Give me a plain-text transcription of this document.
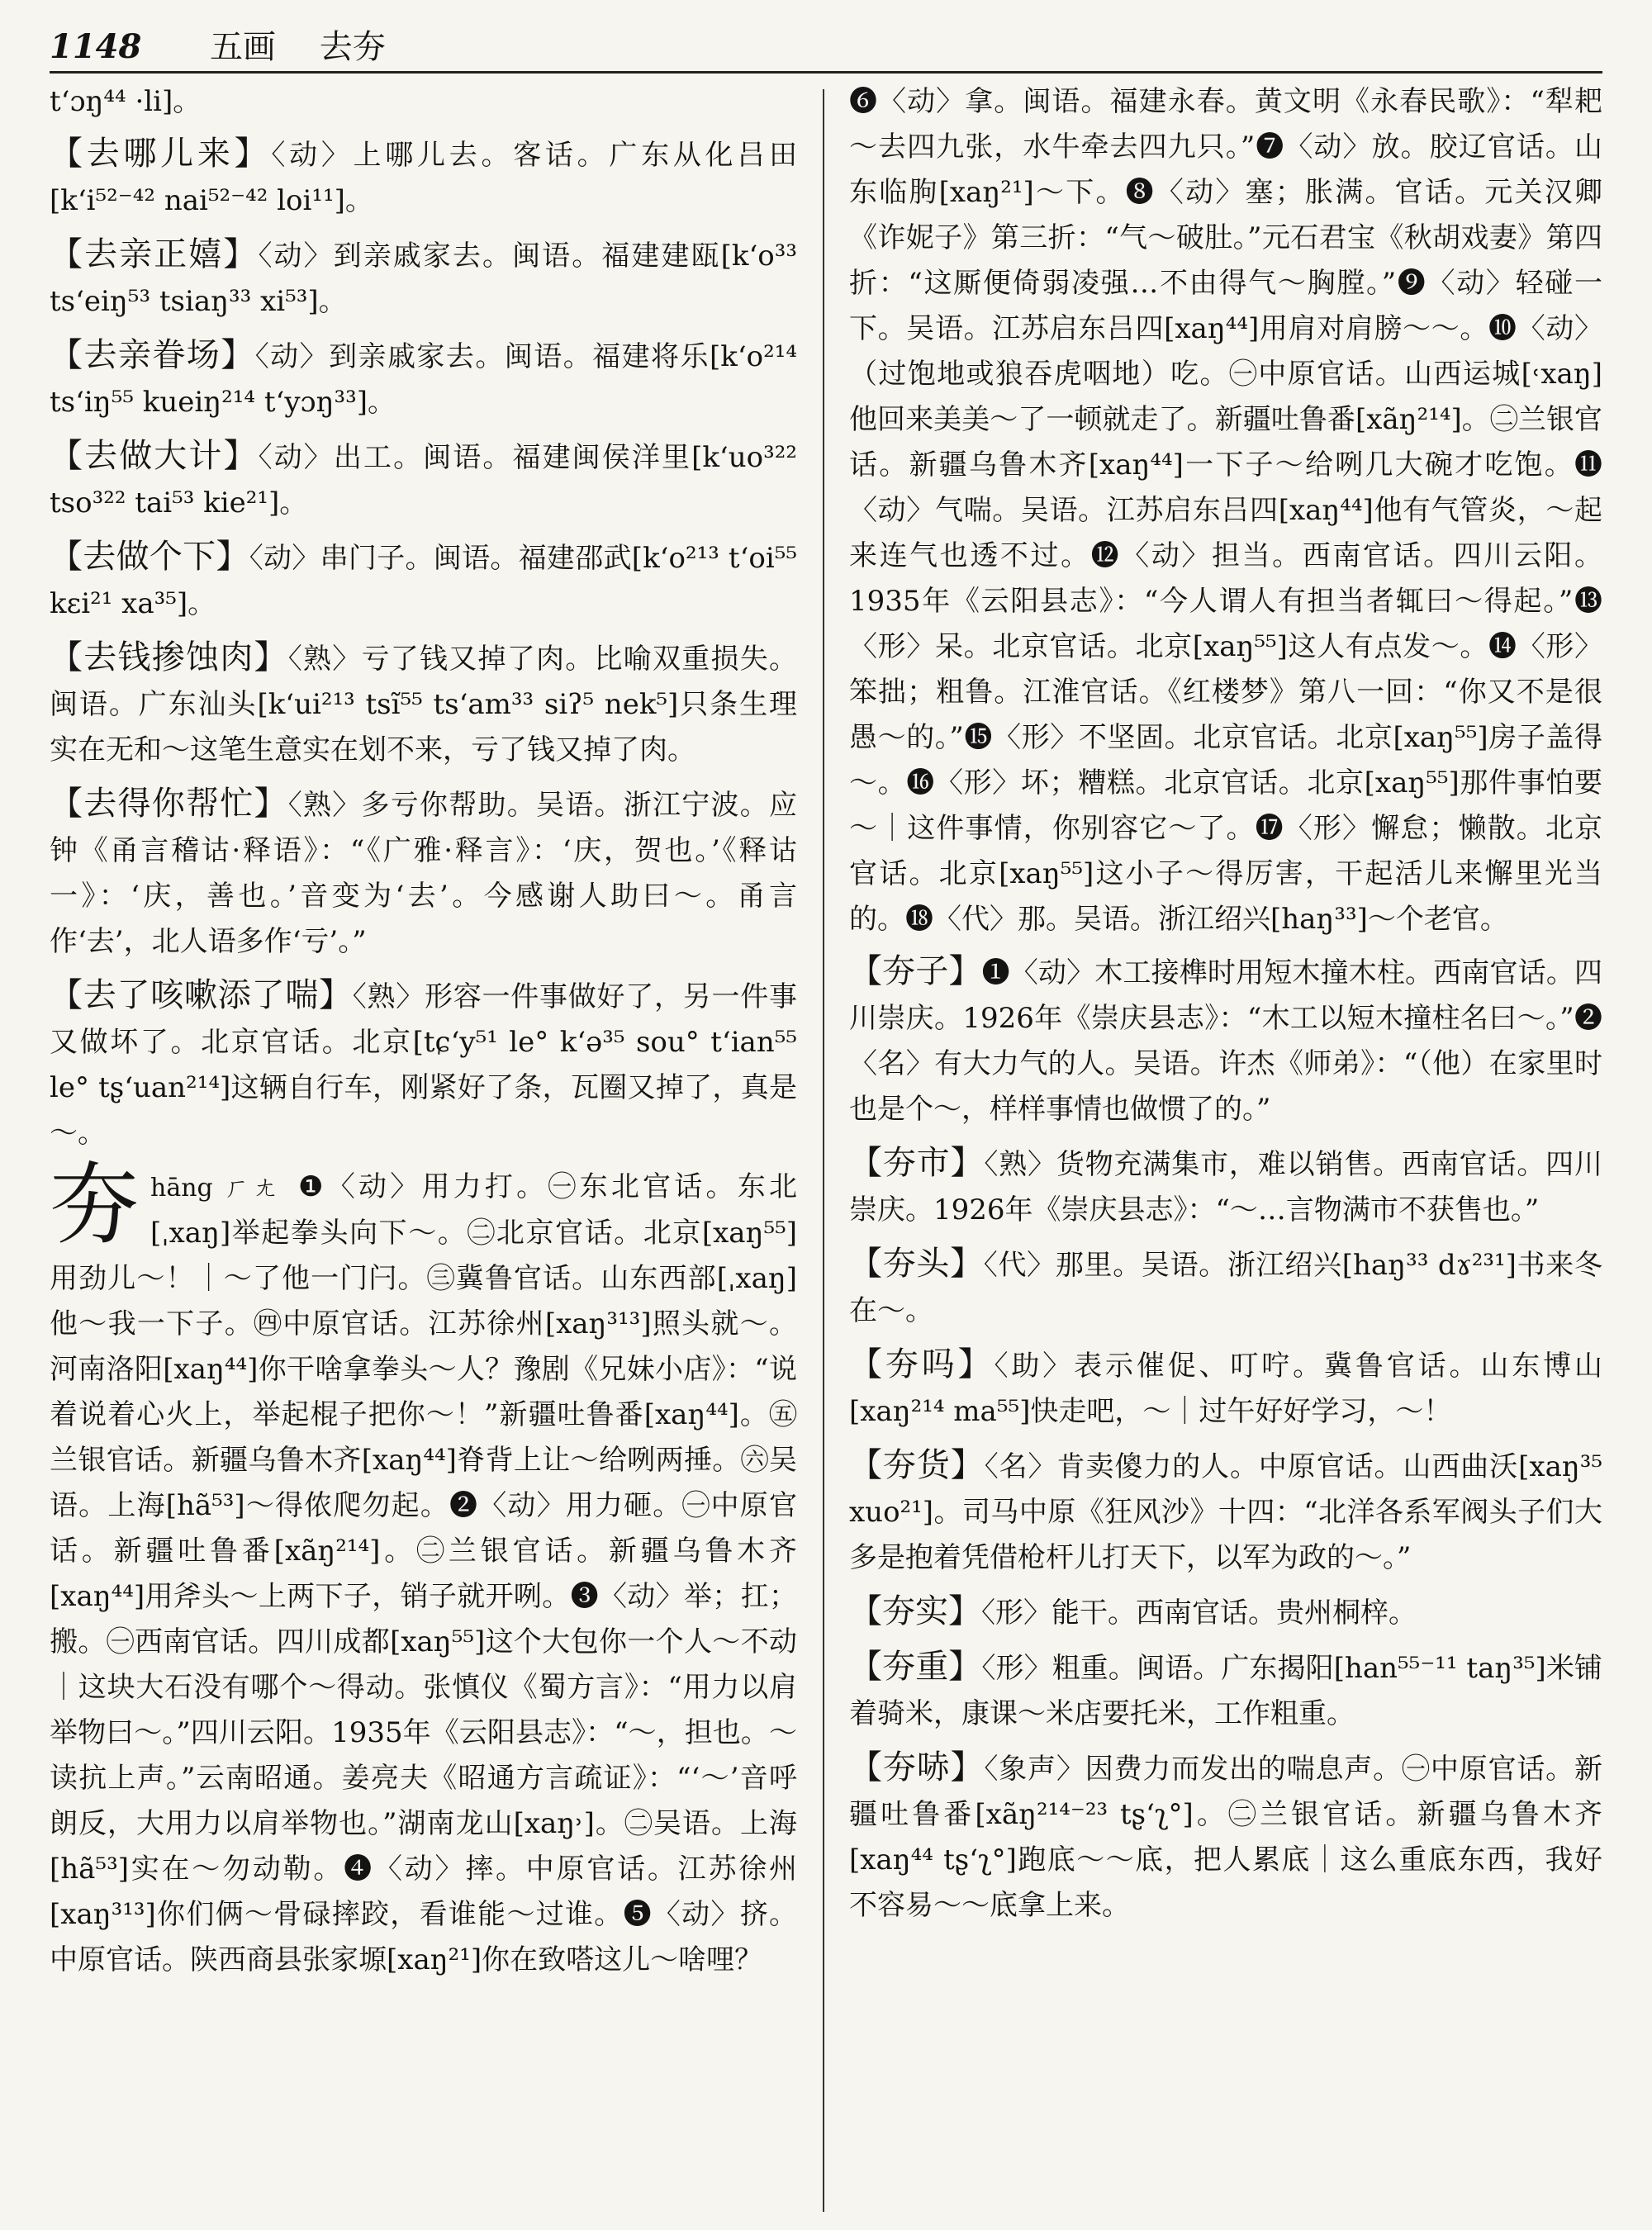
1148 五画 去夯
t‘ɔŋ⁴⁴ ·li]。
【去哪儿来】〈动〉上哪儿去。客话。广东从化吕田[k‘i⁵²⁻⁴² nai⁵²⁻⁴² loi¹¹]。
【去亲正嬉】〈动〉到亲戚家去。闽语。福建建瓯[k‘o³³ ts‘eiŋ⁵³ tsiaŋ³³ xi⁵³]。
【去亲眷场】〈动〉到亲戚家去。闽语。福建将乐[k‘o²¹⁴ ts‘iŋ⁵⁵ kueiŋ²¹⁴ t‘yɔŋ³³]。
【去做大计】〈动〉出工。闽语。福建闽侯洋里[k‘uo³²² tso³²² tai⁵³ kie²¹]。
【去做个下】〈动〉串门子。闽语。福建邵武[k‘o²¹³ t‘oi⁵⁵ kɛi²¹ xa³⁵]。
【去钱掺蚀肉】〈熟〉亏了钱又掉了肉。比喻双重损失。闽语。广东汕头[k‘ui²¹³ tsĩ⁵⁵ ts‘am³³ siʔ⁵ nek⁵]只条生理实在无和～这笔生意实在划不来，亏了钱又掉了肉。
【去得你帮忙】〈熟〉多亏你帮助。吴语。浙江宁波。应钟《甬言稽诂·释语》：“《广雅·释言》：‘庆，贺也。’《释诂一》：‘庆，善也。’音变为‘去’。今感谢人助曰～。甬言作‘去’，北人语多作‘亏’。”
【去了咳嗽添了喘】〈熟〉形容一件事做好了，另一件事又做坏了。北京官话。北京[tɕ‘y⁵¹ le° k‘ə³⁵ sou° t‘ian⁵⁵ le° tʂ‘uan²¹⁴]这辆自行车，刚紧好了条，瓦圈又掉了，真是～。
夯 hāng ㄏㄤ ❶〈动〉用力打。㊀东北官话。东北[ˌxaŋ]举起拳头向下～。㊁北京官话。北京[xaŋ⁵⁵]用劲儿～！｜～了他一门闩。㊂冀鲁官话。山东西部[ˌxaŋ]他～我一下子。㊃中原官话。江苏徐州[xaŋ³¹³]照头就～。河南洛阳[xaŋ⁴⁴]你干啥拿拳头～人？豫剧《兄妹小店》：“说着说着心火上，举起棍子把你～！”新疆吐鲁番[xaŋ⁴⁴]。㊄兰银官话。新疆乌鲁木齐[xaŋ⁴⁴]脊背上让～给咧两捶。㊅吴语。上海[hã⁵³]～得侬爬勿起。❷〈动〉用力砸。㊀中原官话。新疆吐鲁番[xãŋ²¹⁴]。㊁兰银官话。新疆乌鲁木齐[xaŋ⁴⁴]用斧头～上两下子，销子就开咧。❸〈动〉举；扛；搬。㊀西南官话。四川成都[xaŋ⁵⁵]这个大包你一个人～不动｜这块大石没有哪个～得动。张慎仪《蜀方言》：“用力以肩举物曰～。”四川云阳。1935年《云阳县志》：“～，担也。～读抗上声。”云南昭通。姜亮夫《昭通方言疏证》：“‘～’音呼朗反，大用力以肩举物也。”湖南龙山[xaŋ˒]。㊁吴语。上海[hã⁵³]实在～勿动勒。❹〈动〉摔。中原官话。江苏徐州[xaŋ³¹³]你们俩～骨碌摔跤，看谁能～过谁。❺〈动〉挤。中原官话。陕西商县张家塬[xaŋ²¹]你在致嗒这儿～啥哩？
❻〈动〉拿。闽语。福建永春。黄文明《永春民歌》：“犁耙～去四九张，水牛牵去四九只。”❼〈动〉放。胶辽官话。山东临朐[xaŋ²¹]～下。❽〈动〉塞；胀满。官话。元关汉卿《诈妮子》第三折：“气～破肚。”元石君宝《秋胡戏妻》第四折：“这厮便倚弱凌强…不由得气～胸膛。”❾〈动〉轻碰一下。吴语。江苏启东吕四[xaŋ⁴⁴]用肩对肩膀～～。❿〈动〉（过饱地或狼吞虎咽地）吃。㊀中原官话。山西运城[˓xaŋ]他回来美美～了一顿就走了。新疆吐鲁番[xãŋ²¹⁴]。㊁兰银官话。新疆乌鲁木齐[xaŋ⁴⁴]一下子～给咧几大碗才吃饱。⓫〈动〉气喘。吴语。江苏启东吕四[xaŋ⁴⁴]他有气管炎，～起来连气也透不过。⓬〈动〉担当。西南官话。四川云阳。1935年《云阳县志》：“今人谓人有担当者辄曰～得起。”⓭〈形〉呆。北京官话。北京[xaŋ⁵⁵]这人有点发～。⓮〈形〉笨拙；粗鲁。江淮官话。《红楼梦》第八一回：“你又不是很愚～的。”⓯〈形〉不坚固。北京官话。北京[xaŋ⁵⁵]房子盖得～。⓰〈形〉坏；糟糕。北京官话。北京[xaŋ⁵⁵]那件事怕要～｜这件事情，你别容它～了。⓱〈形〉懈怠；懒散。北京官话。北京[xaŋ⁵⁵]这小子～得厉害，干起活儿来懈里光当的。⓲〈代〉那。吴语。浙江绍兴[haŋ³³]～个老官。
【夯子】❶〈动〉木工接榫时用短木撞木柱。西南官话。四川崇庆。1926年《崇庆县志》：“木工以短木撞柱名曰～。”❷〈名〉有大力气的人。吴语。许杰《师弟》：“（他）在家里时也是个～，样样事情也做惯了的。”
【夯市】〈熟〉货物充满集市，难以销售。西南官话。四川崇庆。1926年《崇庆县志》：“～…言物满市不获售也。”
【夯头】〈代〉那里。吴语。浙江绍兴[haŋ³³ dɤ²³¹]书来冬在～。
【夯吗】〈助〉表示催促、叮咛。冀鲁官话。山东博山[xaŋ²¹⁴ ma⁵⁵]快走吧，～｜过午好好学习，～！
【夯货】〈名〉肯卖傻力的人。中原官话。山西曲沃[xaŋ³⁵ xuo²¹]。司马中原《狂风沙》十四：“北洋各系军阀头子们大多是抱着凭借枪杆儿打天下，以军为政的～。”
【夯实】〈形〉能干。西南官话。贵州桐梓。
【夯重】〈形〉粗重。闽语。广东揭阳[han⁵⁵⁻¹¹ taŋ³⁵]米铺着骑米，康课～米店要托米，工作粗重。
【夯哧】〈象声〉因费力而发出的喘息声。㊀中原官话。新疆吐鲁番[xãŋ²¹⁴⁻²³ tʂ‘ʅ°]。㊁兰银官话。新疆乌鲁木齐[xaŋ⁴⁴ tʂ‘ʅ°]跑底～～底，把人累底｜这么重底东西，我好不容易～～底拿上来。
